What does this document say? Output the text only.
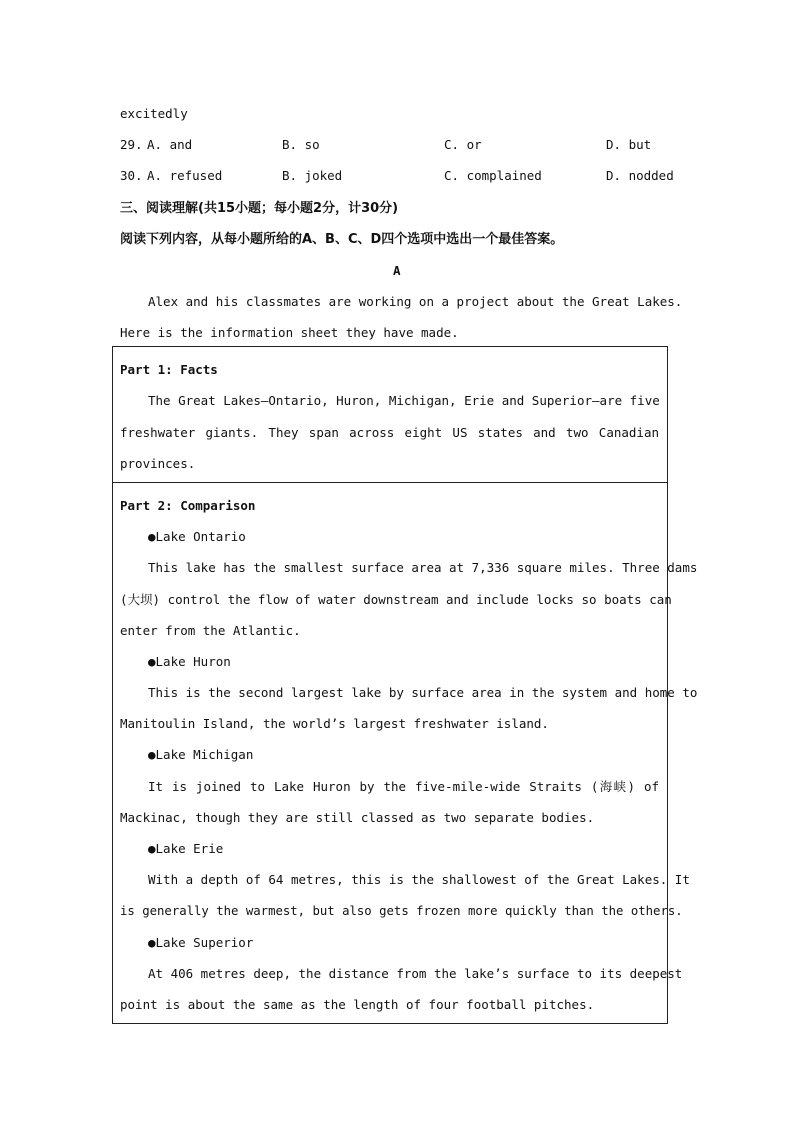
excitedly
29. A. and	B. so	C. or	D. but
30. A. refused	B. joked	C. complained	D. nodded
三、阅读理解(共15小题；每小题2分，计30分)
阅读下列内容，从每小题所给的A、B、C、D四个选项中选出一个最佳答案。
A
Alex and his classmates are working on a project about the Great Lakes.
Here is the information sheet they have made.
Part 1: Facts
The Great Lakes—Ontario, Huron, Michigan, Erie and Superior—are five
freshwater giants. They span across eight US states and two Canadian
provinces.
Part 2: Comparison
●Lake Ontario
This lake has the smallest surface area at 7,336 square miles. Three dams
(大坝) control the flow of water downstream and include locks so boats can
enter from the Atlantic.
●Lake Huron
This is the second largest lake by surface area in the system and home to
Manitoulin Island, the world’s largest freshwater island.
●Lake Michigan
It is joined to Lake Huron by the five-mile-wide Straits (海峡) of
Mackinac, though they are still classed as two separate bodies.
●Lake Erie
With a depth of 64 metres, this is the shallowest of the Great Lakes. It
is generally the warmest, but also gets frozen more quickly than the others.
●Lake Superior
At 406 metres deep, the distance from the lake’s surface to its deepest
point is about the same as the length of four football pitches.
